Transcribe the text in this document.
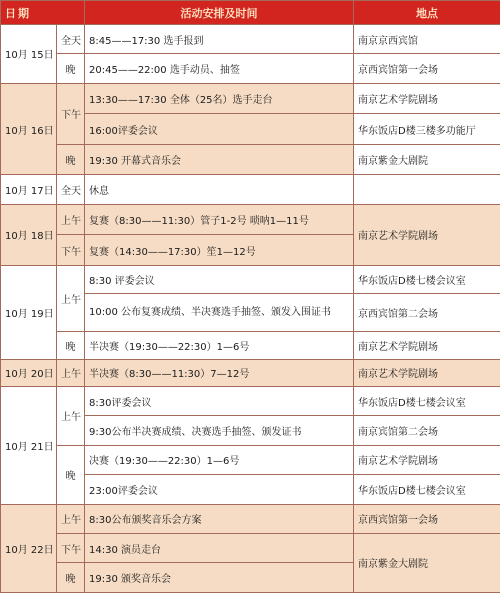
日期		活动安排及时间	地点
10月 15日	全天	8:45——17:30 选手报到	南京京西宾馆
	晚	20:45——22:00 选手动员、抽签	京西宾馆第一会场
10月 16日	下午	13:30——17:30 全体（25名）选手走台	南京艺术学院剧场
		16:00评委会议	华东饭店D楼三楼多功能厅
	晚	19:30 开幕式音乐会	南京紫金大剧院
10月 17日	全天	休息	
10月 18日	上午	复赛（8:30——11:30）管子1-2号 唢呐1—11号	南京艺术学院剧场
	下午	复赛（14:30——17:30）笙1—12号	
10月 19日	上午	8:30 评委会议	华东饭店D楼七楼会议室
		10:00 公布复赛成绩、半决赛选手抽签、颁发入围证书	京西宾馆第二会场
	晚	半决赛（19:30——22:30）1—6号	南京艺术学院剧场
10月 20日	上午	半决赛（8:30——11:30）7—12号	南京艺术学院剧场
10月 21日	上午	8:30评委会议	华东饭店D楼七楼会议室
		9:30公布半决赛成绩、决赛选手抽签、颁发证书	南京宾馆第二会场
	晚	决赛（19:30——22:30）1—6号	南京艺术学院剧场
		23:00评委会议	华东饭店D楼七楼会议室
10月 22日	上午	8:30公布颁奖音乐会方案	京西宾馆第一会场
	下午	14:30 演员走台	南京紫金大剧院
	晚	19:30 颁奖音乐会	
